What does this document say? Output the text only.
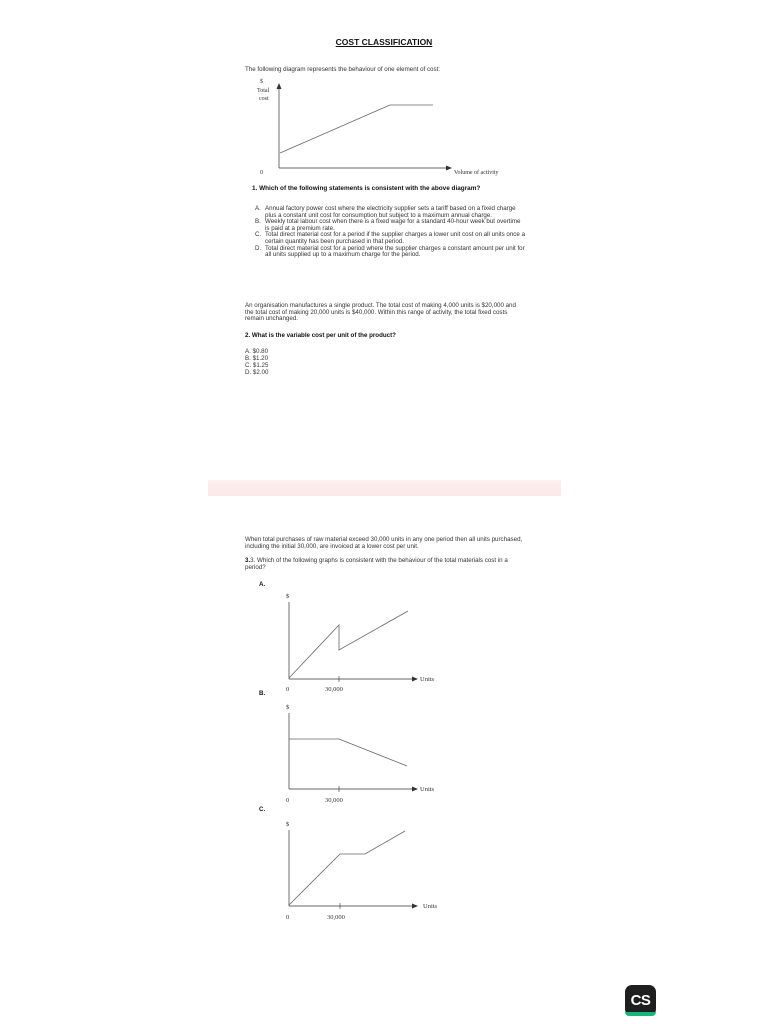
COST CLASSIFICATION
The following diagram represents the behaviour of one element of cost:
$
Total
cost
0	Volume of activity
1. Which of the following statements is consistent with the above diagram?
A. Annual factory power cost where the electricity supplier sets a tariff based on a fixed charge plus a constant unit cost for consumption but subject to a maximum annual charge.
B. Weekly total labour cost when there is a fixed wage for a standard 40-hour week but overtime is paid at a premium rate.
C. Total direct material cost for a period if the supplier charges a lower unit cost on all units once a certain quantity has been purchased in that period.
D. Total direct material cost for a period where the supplier charges a constant amount per unit for all units supplied up to a maximum charge for the period.
An organisation manufactures a single product. The total cost of making 4,000 units is $20,000 and the total cost of making 20,000 units is $40,000. Within this range of activity, the total fixed costs remain unchanged.
2. What is the variable cost per unit of the product?
A. $0.80
B. $1.20
C. $1.25
D. $2.00
When total purchases of raw material exceed 30,000 units in any one period then all units purchased, including the initial 30,000, are invoiced at a lower cost per unit.
3.3. Which of the following graphs is consistent with the behaviour of the total materials cost in a period?
A.
$
0	30,000
Units
B.
$
0	30,000
Units
C.
$
0	30,000
Units
CS
